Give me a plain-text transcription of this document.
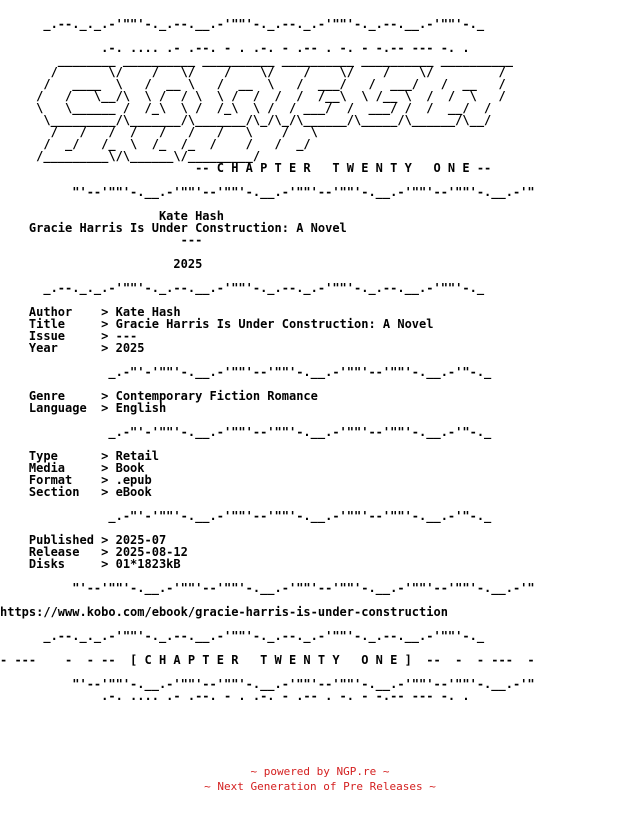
_.--._._.-'""'-._.--.__.-'""'-._.--._.-'""'-._.--.__.-'""'-._

.-. .... .- .--. - . .-. - .-- . -. - -.-- --- -. .
________ __________ __________ __________ __________ __________
/       \/    /   \/    /    \/    /    \/    /    \/         /
/   ____  \   /  __ \   /  __  \   /  ___/   /  ___/   /  __   /
/   /   \__/\  \ /  / \  \ /  /  /  /  /__\  \ /__ \  /  /  \   /
\   \______ /  /_\  \ /  /_\  \ /  / ___/  /  ___/ /  /  __/  /
\_________/\_______/\_______/\_/\_/\______/\_____/\______/\__/
/   /   /  /   /   /   /   \    /   \
/  _/   /_  \  /_  /_  /    /   /  _/
/_________\/\______\/_________/
-- C H A P T E R   T W E N T Y   O N E --

"'--'""'-.__.-'""'--'""'-.__.-'""'--'""'-.__.-'""'--'""'-.__.-'"

Kate Hash
Gracie Harris Is Under Construction: A Novel
---

2025

_.--._._.-'""'-._.--.__.-'""'-._.--._.-'""'-._.--.__.-'""'-._

Author    > Kate Hash
Title     > Gracie Harris Is Under Construction: A Novel
Issue     > ---
Year      > 2025

_.-"'-'""'-.__.-'""'--'""'-.__.-'""'--'""'-.__.-'"-._

Genre     > Contemporary Fiction Romance
Language  > English

_.-"'-'""'-.__.-'""'--'""'-.__.-'""'--'""'-.__.-'"-._

Type      > Retail
Media     > Book
Format    > .epub
Section   > eBook

_.-"'-'""'-.__.-'""'--'""'-.__.-'""'--'""'-.__.-'"-._

Published > 2025-07
Release   > 2025-08-12
Disks     > 01*1823kB

"'--'""'-.__.-'""'--'""'-.__.-'""'--'""'-.__.-'""'--'""'-.__.-'"

https://www.kobo.com/ebook/gracie-harris-is-under-construction

_.--._._.-'""'-._.--.__.-'""'-._.--._.-'""'-._.--.__.-'""'-._

- ---    -  - --  [ C H A P T E R   T W E N T Y   O N E ]  --  -  - ---  -

"'--'""'-.__.-'""'--'""'-.__.-'""'--'""'-.__.-'""'--'""'-.__.-'"
.-. .... .- .--. - . .-. - .-- . -. - -.-- --- -. .

~ powered by NGP.re ~
~ Next Generation of Pre Releases ~
